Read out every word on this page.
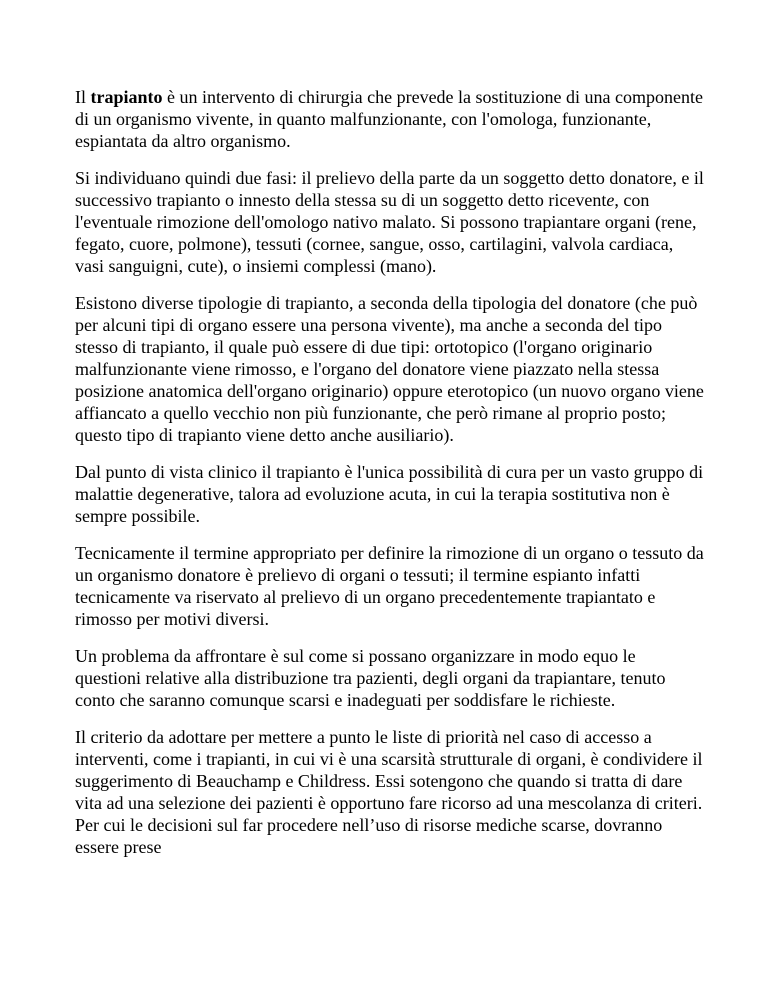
Il trapianto è un intervento di chirurgia che prevede la sostituzione di una componente di un organismo vivente, in quanto malfunzionante, con l'omologa, funzionante, espiantata da altro organismo.

Si individuano quindi due fasi: il prelievo della parte da un soggetto detto donatore, e il successivo trapianto o innesto della stessa su di un soggetto detto ricevente, con l'eventuale rimozione dell'omologo nativo malato. Si possono trapiantare organi (rene, fegato, cuore, polmone), tessuti (cornee, sangue, osso, cartilagini, valvola cardiaca, vasi sanguigni, cute), o insiemi complessi (mano).

Esistono diverse tipologie di trapianto, a seconda della tipologia del donatore (che può per alcuni tipi di organo essere una persona vivente), ma anche a seconda del tipo stesso di trapianto, il quale può essere di due tipi: ortotopico (l'organo originario malfunzionante viene rimosso, e l'organo del donatore viene piazzato nella stessa posizione anatomica dell'organo originario) oppure eterotopico (un nuovo organo viene affiancato a quello vecchio non più funzionante, che però rimane al proprio posto; questo tipo di trapianto viene detto anche ausiliario).

Dal punto di vista clinico il trapianto è l'unica possibilità di cura per un vasto gruppo di malattie degenerative, talora ad evoluzione acuta, in cui la terapia sostitutiva non è sempre possibile.

Tecnicamente il termine appropriato per definire la rimozione di un organo o tessuto da un organismo donatore è prelievo di organi o tessuti; il termine espianto infatti tecnicamente va riservato al prelievo di un organo precedentemente trapiantato e rimosso per motivi diversi.

Un problema da affrontare è sul come si possano organizzare in modo equo le questioni relative alla distribuzione tra pazienti, degli organi da trapiantare, tenuto conto che saranno comunque scarsi e inadeguati per soddisfare le richieste.

Il criterio da adottare per mettere a punto le liste di priorità nel caso di accesso a interventi, come i trapianti, in cui vi è una scarsità strutturale di organi, è condividere il suggerimento di Beauchamp e Childress. Essi sotengono che quando si tratta di dare vita ad una selezione dei pazienti è opportuno fare ricorso ad una mescolanza di criteri. Per cui le decisioni sul far procedere nell’uso di risorse mediche scarse, dovranno essere prese
